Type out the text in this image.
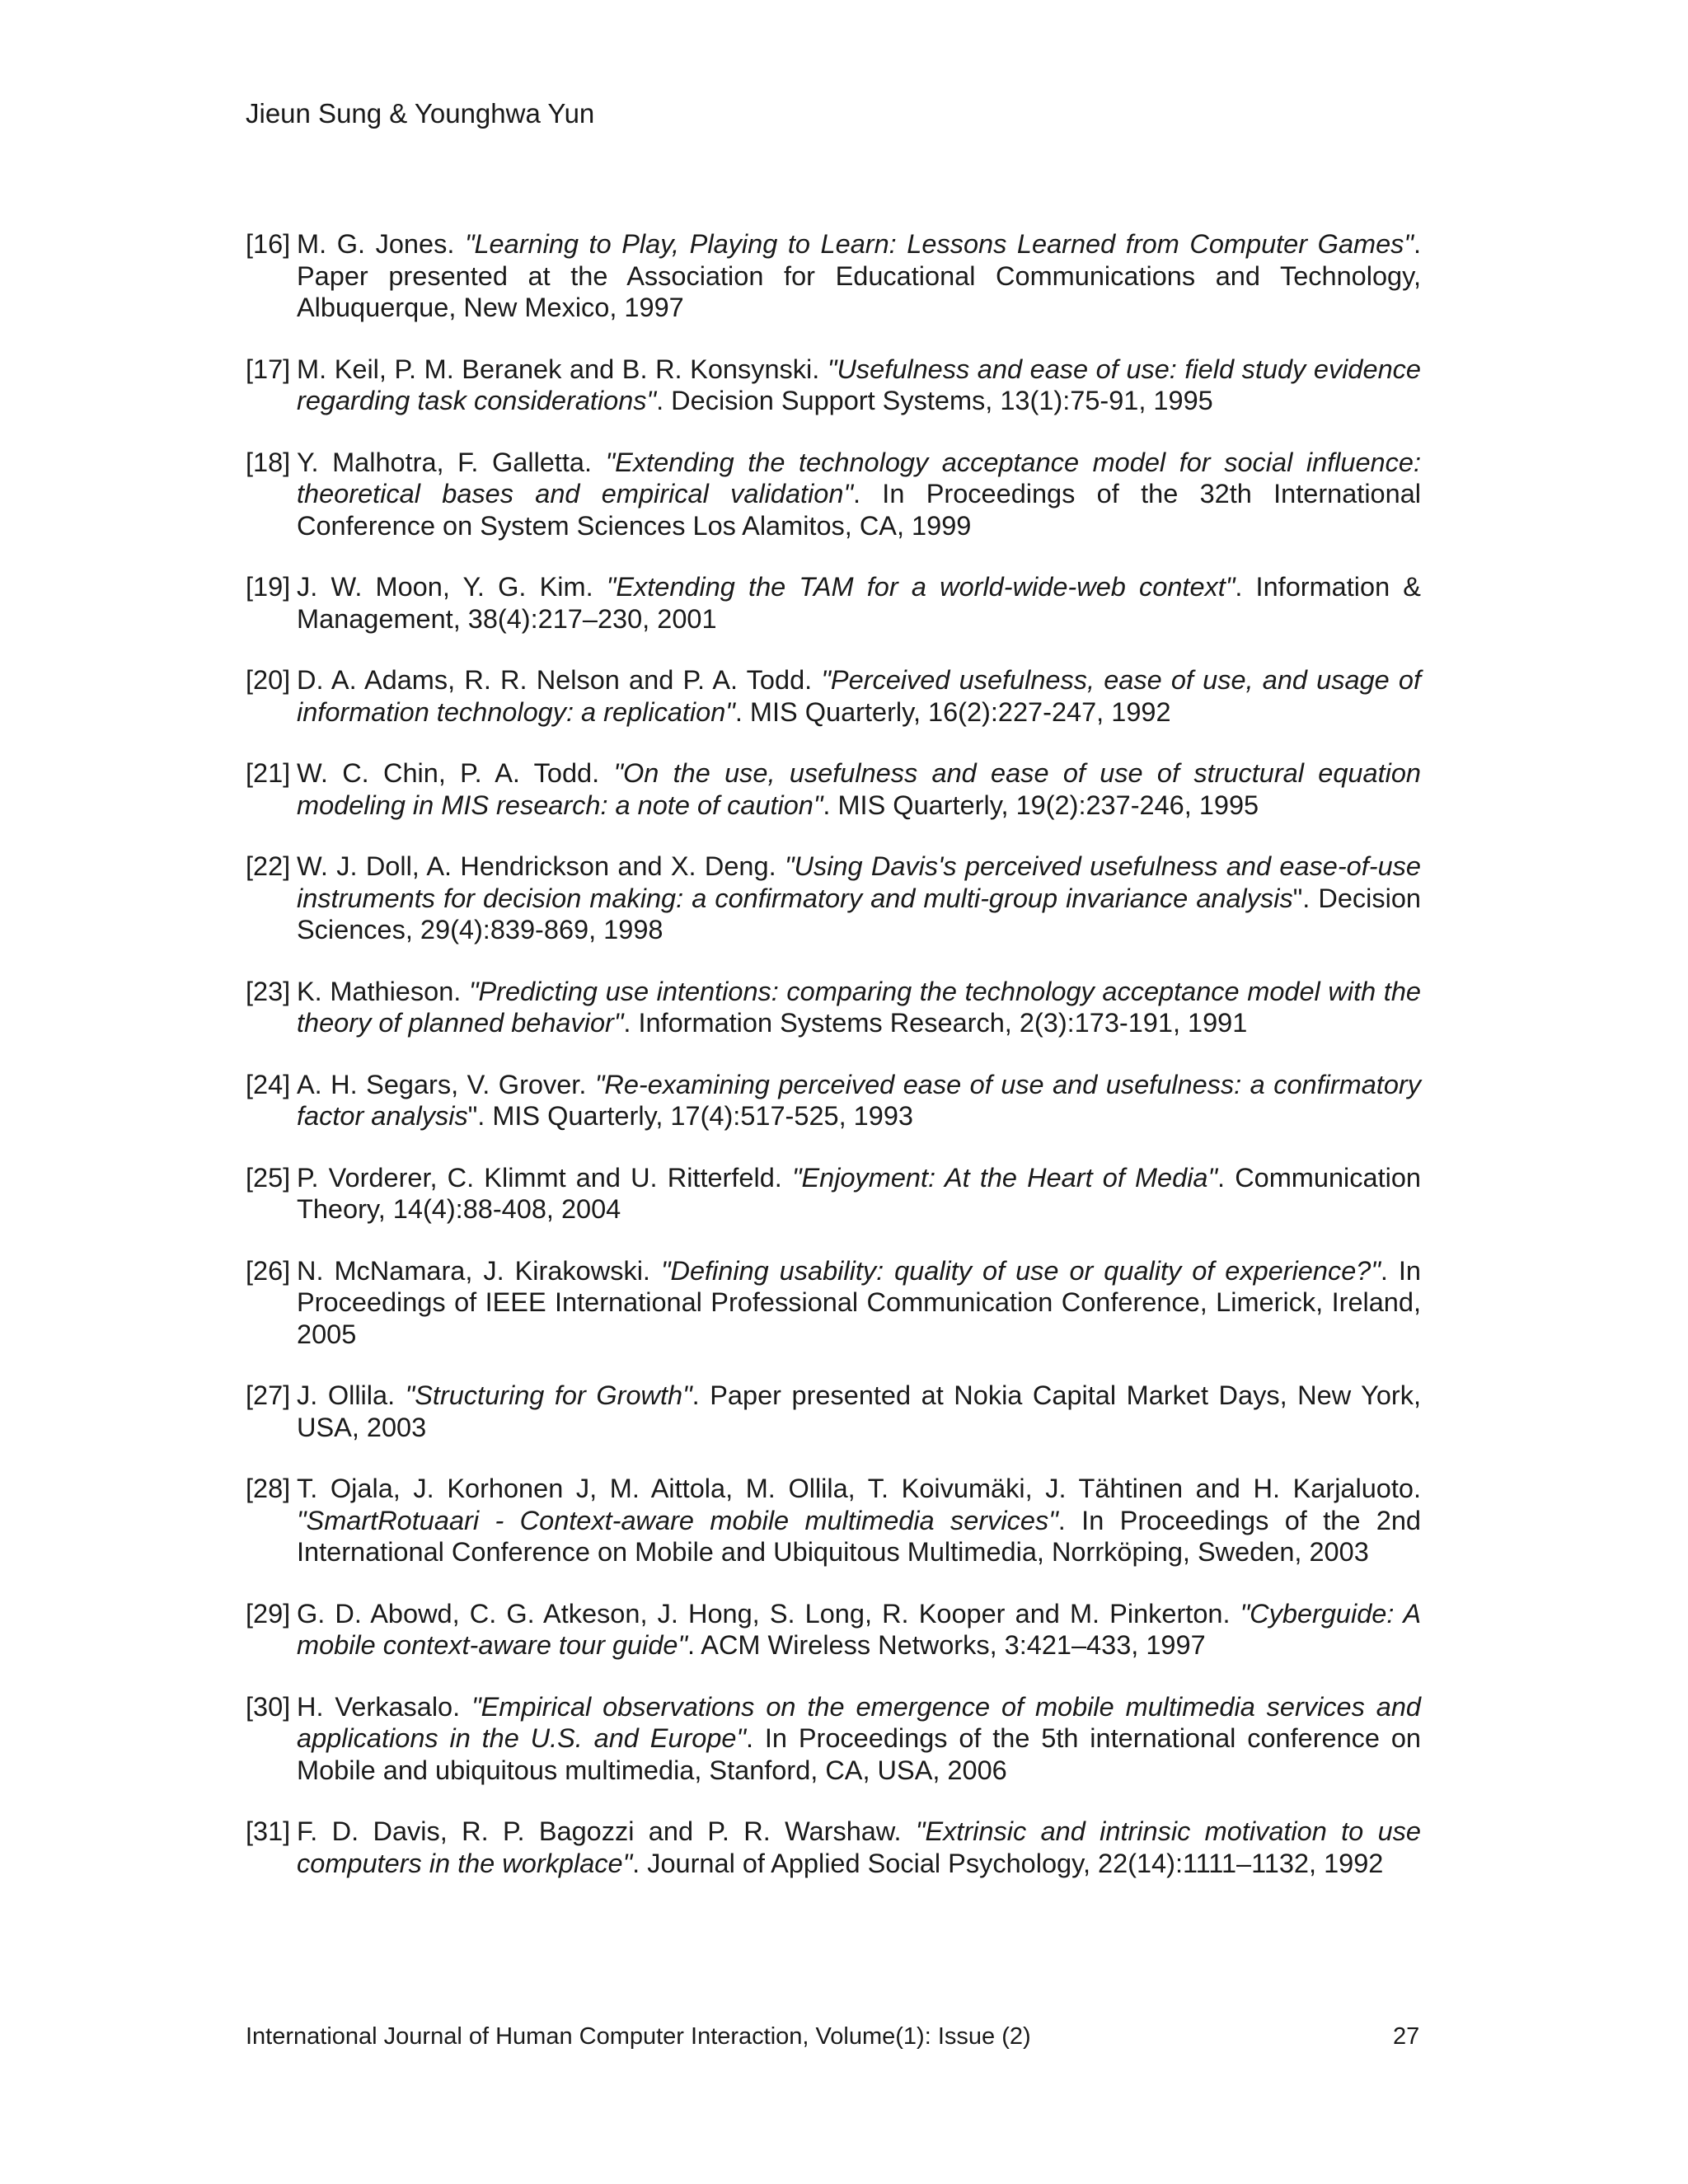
Jieun Sung & Younghwa Yun
[16] M. G. Jones. "Learning to Play, Playing to Learn: Lessons Learned from Computer Games". Paper presented at the Association for Educational Communications and Technology, Albuquerque, New Mexico, 1997
[17] M. Keil, P. M. Beranek and B. R. Konsynski. "Usefulness and ease of use: field study evidence regarding task considerations". Decision Support Systems, 13(1):75-91, 1995
[18] Y. Malhotra, F. Galletta. "Extending the technology acceptance model for social influence: theoretical bases and empirical validation". In Proceedings of the 32th International Conference on System Sciences Los Alamitos, CA, 1999
[19] J. W. Moon, Y. G. Kim. "Extending the TAM for a world-wide-web context". Information & Management, 38(4):217–230, 2001
[20] D. A. Adams, R. R. Nelson and P. A. Todd. "Perceived usefulness, ease of use, and usage of information technology: a replication". MIS Quarterly, 16(2):227-247, 1992
[21] W. C. Chin, P. A. Todd. "On the use, usefulness and ease of use of structural equation modeling in MIS research: a note of caution". MIS Quarterly, 19(2):237-246, 1995
[22] W. J. Doll, A. Hendrickson and X. Deng. "Using Davis's perceived usefulness and ease-of-use instruments for decision making: a confirmatory and multi-group invariance analysis". Decision Sciences, 29(4):839-869, 1998
[23] K. Mathieson. "Predicting use intentions: comparing the technology acceptance model with the theory of planned behavior". Information Systems Research, 2(3):173-191, 1991
[24] A. H. Segars, V. Grover. "Re-examining perceived ease of use and usefulness: a confirmatory factor analysis". MIS Quarterly, 17(4):517-525, 1993
[25] P. Vorderer, C. Klimmt and U. Ritterfeld. "Enjoyment: At the Heart of Media". Communication Theory, 14(4):88-408, 2004
[26] N. McNamara, J. Kirakowski. "Defining usability: quality of use or quality of experience?". In Proceedings of IEEE International Professional Communication Conference, Limerick, Ireland, 2005
[27] J. Ollila. "Structuring for Growth". Paper presented at Nokia Capital Market Days, New York, USA, 2003
[28] T. Ojala, J. Korhonen J, M. Aittola, M. Ollila, T. Koivumäki, J. Tähtinen and H. Karjaluoto. "SmartRotuaari - Context-aware mobile multimedia services". In Proceedings of the 2nd International Conference on Mobile and Ubiquitous Multimedia, Norrköping, Sweden, 2003
[29] G. D. Abowd, C. G. Atkeson, J. Hong, S. Long, R. Kooper and M. Pinkerton. "Cyberguide: A mobile context-aware tour guide". ACM Wireless Networks, 3:421–433, 1997
[30] H. Verkasalo. "Empirical observations on the emergence of mobile multimedia services and applications in the U.S. and Europe". In Proceedings of the 5th international conference on Mobile and ubiquitous multimedia, Stanford, CA, USA, 2006
[31] F. D. Davis, R. P. Bagozzi and P. R. Warshaw. "Extrinsic and intrinsic motivation to use computers in the workplace". Journal of Applied Social Psychology, 22(14):1111–1132, 1992
International Journal of Human Computer Interaction, Volume(1): Issue (2)	27
